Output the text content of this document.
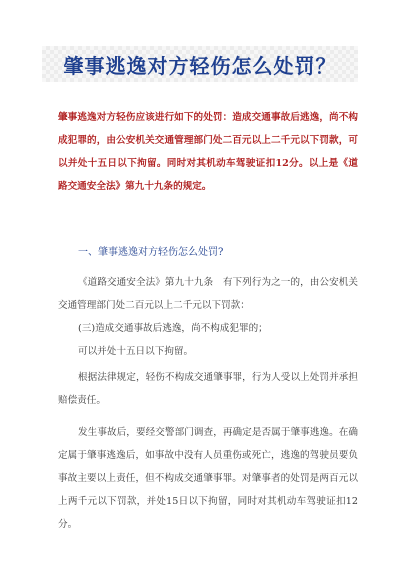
肇事逃逸对方轻伤怎么处罚？
肇事逃逸对方轻伤应该进行如下的处罚：造成交通事故后逃逸，尚不构成犯罪的，由公安机关交通管理部门处二百元以上二千元以下罚款，可以并处十五日以下拘留。同时对其机动车驾驶证扣12分。以上是《道路交通安全法》第九十九条的规定。
一、肇事逃逸对方轻伤怎么处罚?
《道路交通安全法》第九十九条　有下列行为之一的，由公安机关交通管理部门处二百元以上二千元以下罚款：
(三)造成交通事故后逃逸，尚不构成犯罪的；
可以并处十五日以下拘留。
根据法律规定，轻伤不构成交通肇事罪，行为人受以上处罚并承担赔偿责任。
发生事故后，要经交警部门调查，再确定是否属于肇事逃逸。在确定属于肇事逃逸后，如事故中没有人员重伤或死亡，逃逸的驾驶员要负事故主要以上责任，但不构成交通肇事罪。对肇事者的处罚是两百元以上两千元以下罚款，并处15日以下拘留，同时对其机动车驾驶证扣12分。
